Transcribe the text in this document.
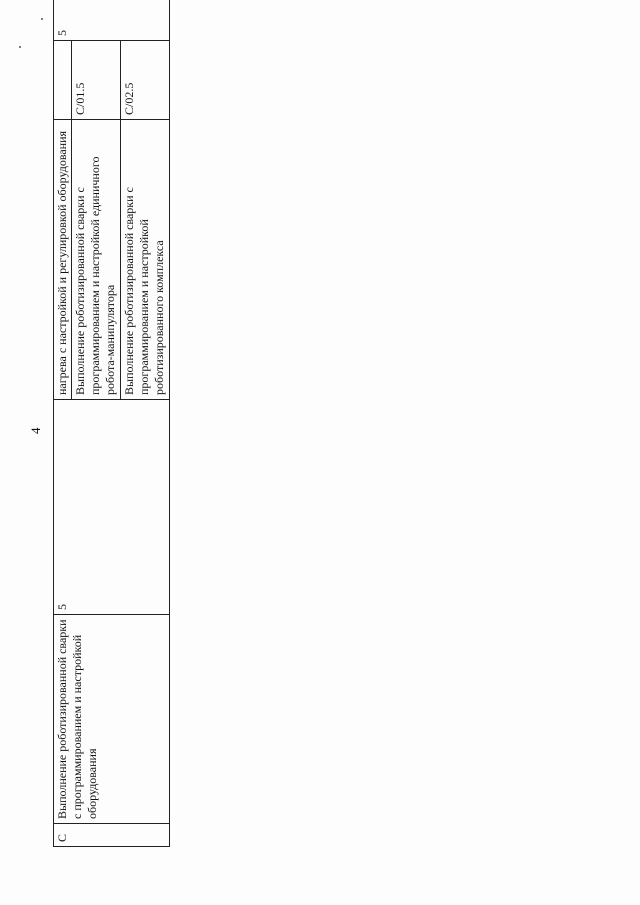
4
С	Выполнение роботизированной сварки с программированием и настройкой оборудования	5	нагрева с настройкой и регулировкой оборудования		5
			Выполнение роботизированной сварки с программированием и настройкой единичного робота-манипулятора	С/01.5	
			Выполнение роботизированной сварки с программированием и настройкой роботизированного комплекса	С/02.5	
